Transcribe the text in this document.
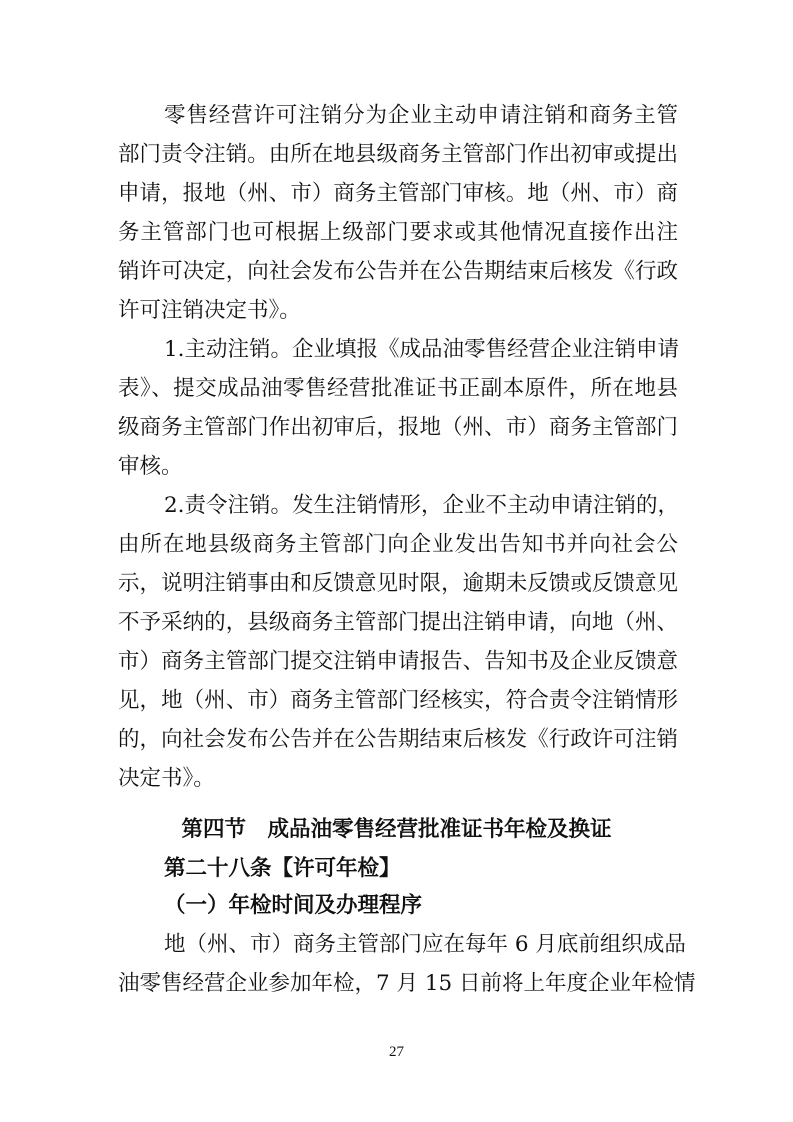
零售经营许可注销分为企业主动申请注销和商务主管
部门责令注销。由所在地县级商务主管部门作出初审或提出
申请，报地（州、市）商务主管部门审核。地（州、市）商
务主管部门也可根据上级部门要求或其他情况直接作出注
销许可决定，向社会发布公告并在公告期结束后核发《行政
许可注销决定书》。
1.主动注销。企业填报《成品油零售经营企业注销申请
表》、提交成品油零售经营批准证书正副本原件，所在地县
级商务主管部门作出初审后，报地（州、市）商务主管部门
审核。
2.责令注销。发生注销情形，企业不主动申请注销的，
由所在地县级商务主管部门向企业发出告知书并向社会公
示，说明注销事由和反馈意见时限，逾期未反馈或反馈意见
不予采纳的，县级商务主管部门提出注销申请，向地（州、
市）商务主管部门提交注销申请报告、告知书及企业反馈意
见，地（州、市）商务主管部门经核实，符合责令注销情形
的，向社会发布公告并在公告期结束后核发《行政许可注销
决定书》。
第四节　成品油零售经营批准证书年检及换证
第二十八条【许可年检】
（一）年检时间及办理程序
地（州、市）商务主管部门应在每年 6 月底前组织成品
油零售经营企业参加年检，7 月 15 日前将上年度企业年检情
27
